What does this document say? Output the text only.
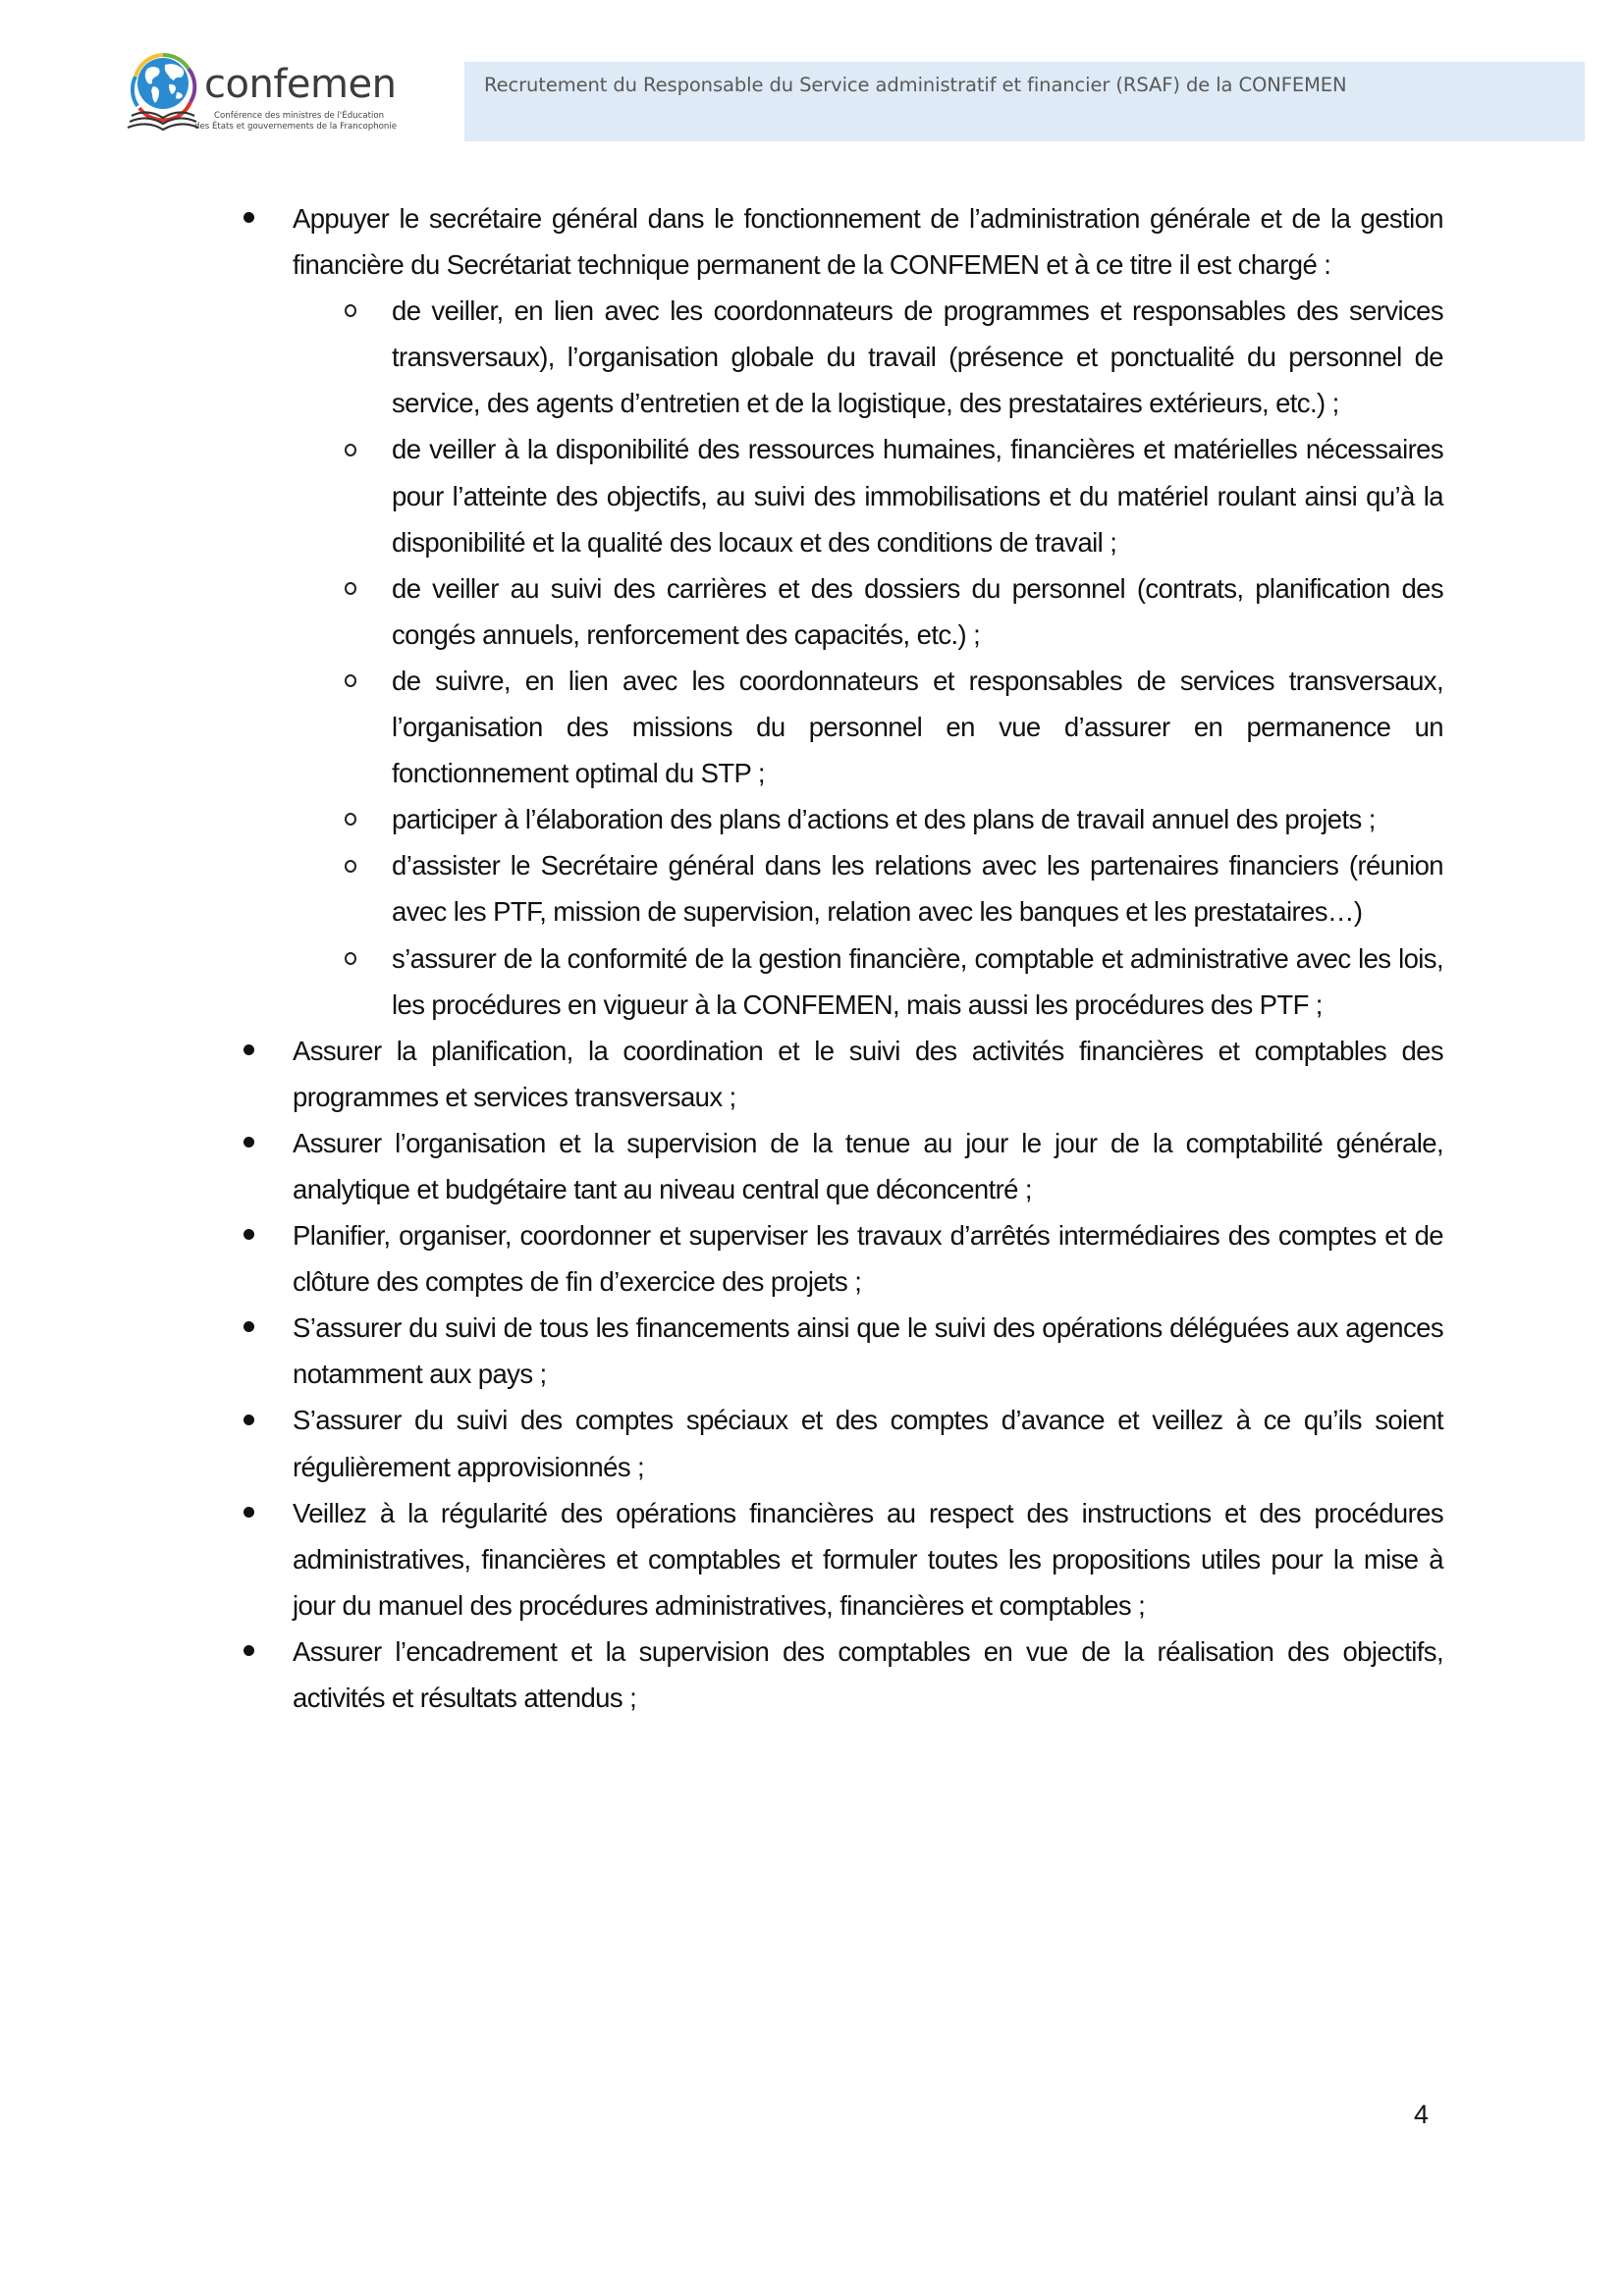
confemen
Conférence des ministres de l'Éducation
des États et gouvernements de la Francophonie
Recrutement du Responsable du Service administratif et financier (RSAF) de la CONFEMEN
Appuyer le secrétaire général dans le fonctionnement de l’administration générale et de la gestion financière du Secrétariat technique permanent de la CONFEMEN et à ce titre il est chargé :
de veiller, en lien avec les coordonnateurs de programmes et responsables des services transversaux), l’organisation globale du travail (présence et ponctualité du personnel de service, des agents d’entretien et de la logistique, des prestataires extérieurs, etc.) ;
de veiller à la disponibilité des ressources humaines, financières et matérielles nécessaires pour l’atteinte des objectifs, au suivi des immobilisations et du matériel roulant ainsi qu’à la disponibilité et la qualité des locaux et des conditions de travail ;
de veiller au suivi des carrières et des dossiers du personnel (contrats, planification des congés annuels, renforcement des capacités, etc.) ;
de suivre, en lien avec les coordonnateurs et responsables de services transversaux, l’organisation des missions du personnel en vue d’assurer en permanence un fonctionnement optimal du STP ;
participer à l’élaboration des plans d’actions et des plans de travail annuel des projets ;
d’assister le Secrétaire général dans les relations avec les partenaires financiers (réunion avec les PTF, mission de supervision, relation avec les banques et les prestataires…)
s’assurer de la conformité de la gestion financière, comptable et administrative avec les lois, les procédures en vigueur à la CONFEMEN, mais aussi les procédures des PTF ;
Assurer la planification, la coordination et le suivi des activités financières et comptables des programmes et services transversaux ;
Assurer l’organisation et la supervision de la tenue au jour le jour de la comptabilité générale, analytique et budgétaire tant au niveau central que déconcentré ;
Planifier, organiser, coordonner et superviser les travaux d’arrêtés intermédiaires des comptes et de clôture des comptes de fin d’exercice des projets ;
S’assurer du suivi de tous les financements ainsi que le suivi des opérations déléguées aux agences notamment aux pays ;
S’assurer du suivi des comptes spéciaux et des comptes d’avance et veillez à ce qu’ils soient régulièrement approvisionnés ;
Veillez à la régularité des opérations financières au respect des instructions et des procédures administratives, financières et comptables et formuler toutes les propositions utiles pour la mise à jour du manuel des procédures administratives, financières et comptables ;
Assurer l’encadrement et la supervision des comptables en vue de la réalisation des objectifs, activités et résultats attendus ;
4
